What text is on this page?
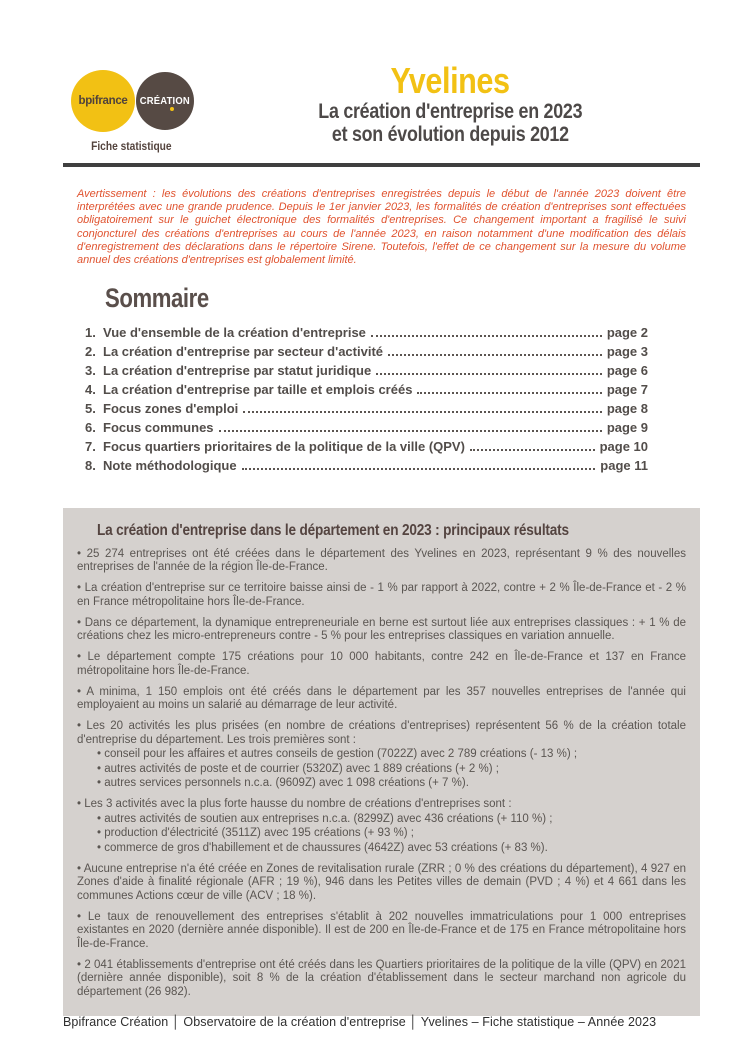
bpifrance CRÉATION
Fiche statistique
Yvelines
La création d'entreprise en 2023
et son évolution depuis 2012
Avertissement : les évolutions des créations d'entreprises enregistrées depuis le début de l'année 2023 doivent être interprétées avec une grande prudence. Depuis le 1er janvier 2023, les formalités de création d'entreprises sont effectuées obligatoirement sur le guichet électronique des formalités d'entreprises. Ce changement important a fragilisé le suivi conjoncturel des créations d'entreprises au cours de l'année 2023, en raison notamment d'une modification des délais d'enregistrement des déclarations dans le répertoire Sirene. Toutefois, l'effet de ce changement sur la mesure du volume annuel des créations d'entreprises est globalement limité.
Sommaire
1. Vue d'ensemble de la création d'entreprise	page 2
2. La création d'entreprise par secteur d'activité	page 3
3. La création d'entreprise par statut juridique	page 6
4. La création d'entreprise par taille et emplois créés	page 7
5. Focus zones d'emploi	page 8
6. Focus communes	page 9
7. Focus quartiers prioritaires de la politique de la ville (QPV)	page 10
8. Note méthodologique	page 11
La création d'entreprise dans le département en 2023 : principaux résultats

• 25 274 entreprises ont été créées dans le département des Yvelines en 2023, représentant 9 % des nouvelles entreprises de l'année de la région Île-de-France.

• La création d'entreprise sur ce territoire baisse ainsi de - 1 % par rapport à 2022, contre + 2 % Île-de-France et - 2 % en France métropolitaine hors Île-de-France.

• Dans ce département, la dynamique entrepreneuriale en berne est surtout liée aux entreprises classiques : + 1 % de créations chez les micro-entrepreneurs contre - 5 % pour les entreprises classiques en variation annuelle.

• Le département compte 175 créations pour 10 000 habitants, contre 242 en Île-de-France et 137 en France métropolitaine hors Île-de-France.

• A minima, 1 150 emplois ont été créés dans le département par les 357 nouvelles entreprises de l'année qui employaient au moins un salarié au démarrage de leur activité.

• Les 20 activités les plus prisées (en nombre de créations d'entreprises) représentent 56 % de la création totale d'entreprise du département. Les trois premières sont :

• conseil pour les affaires et autres conseils de gestion (7022Z) avec 2 789 créations (- 13 %) ;

• autres activités de poste et de courrier (5320Z) avec 1 889 créations (+ 2 %) ;

• autres services personnels n.c.a. (9609Z) avec 1 098 créations (+ 7 %).

• Les 3 activités avec la plus forte hausse du nombre de créations d'entreprises sont :

• autres activités de soutien aux entreprises n.c.a. (8299Z) avec 436 créations (+ 110 %) ;

• production d'électricité (3511Z) avec 195 créations (+ 93 %) ;

• commerce de gros d'habillement et de chaussures (4642Z) avec 53 créations (+ 83 %).

• Aucune entreprise n'a été créée en Zones de revitalisation rurale (ZRR ; 0 % des créations du département), 4 927 en Zones d'aide à finalité régionale (AFR ; 19 %), 946 dans les Petites villes de demain (PVD ; 4 %) et 4 661 dans les communes Actions cœur de ville (ACV ; 18 %).

• Le taux de renouvellement des entreprises s'établit à 202 nouvelles immatriculations pour 1 000 entreprises existantes en 2020 (dernière année disponible). Il est de 200 en Île-de-France et de 175 en France métropolitaine hors Île-de-France.

• 2 041 établissements d'entreprise ont été créés dans les Quartiers prioritaires de la politique de la ville (QPV) en 2021 (dernière année disponible), soit 8 % de la création d'établissement dans le secteur marchand non agricole du département (26 982).

Bpifrance Création │ Observatoire de la création d'entreprise │ Yvelines – Fiche statistique – Année 2023
